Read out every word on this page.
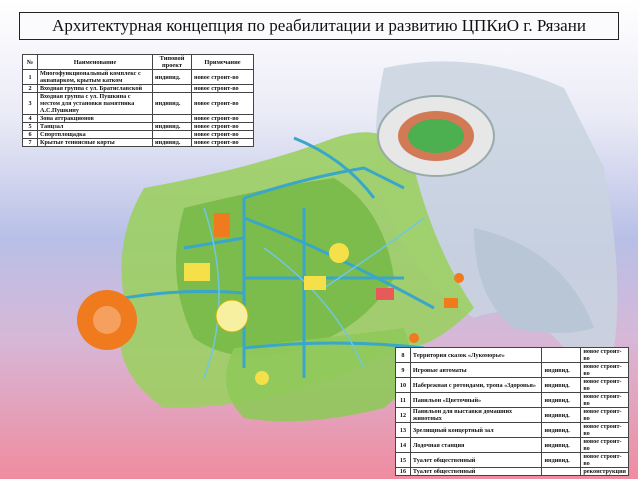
Архитектурная концепция по реабилитации и развитию ЦПКиО г. Рязани
№	Наименование	Типовой проект	Примечание
1	Многофункциональный комплекс с аквапарком, крытым катком	индивид.	новое строит-во
2	Входная группа с ул. Братиславской		новое строит-во
3	Входная группа с ул. Пушкина с местом для установки памятника А.С.Пушкину	индивид.	новое строит-во
4	Зона аттракционов		новое строит-во
5	Танцзал	индивид.	новое строит-во
6	Спортплощадка		новое строит-во
7	Крытые теннисные корты	индивид.	новое строит-во
8	Территория сказок «Лукоморье»		новое строит-во
9	Игровые автоматы	индивид.	новое строит-во
10	Набережная с ротондами, тропа «Здоровья»	индивид.	новое строит-во
11	Павильон «Цветочный»	индивид.	новое строит-во
12	Павильон для выставки домашних животных	индивид.	новое строит-во
13	Зрелищный концертный зал	индивид.	новое строит-во
14	Лодочная станция	индивид.	новое строит-во
15	Туалет общественный	индивид.	новое строит-во
16	Туалет общественный		реконструкция
